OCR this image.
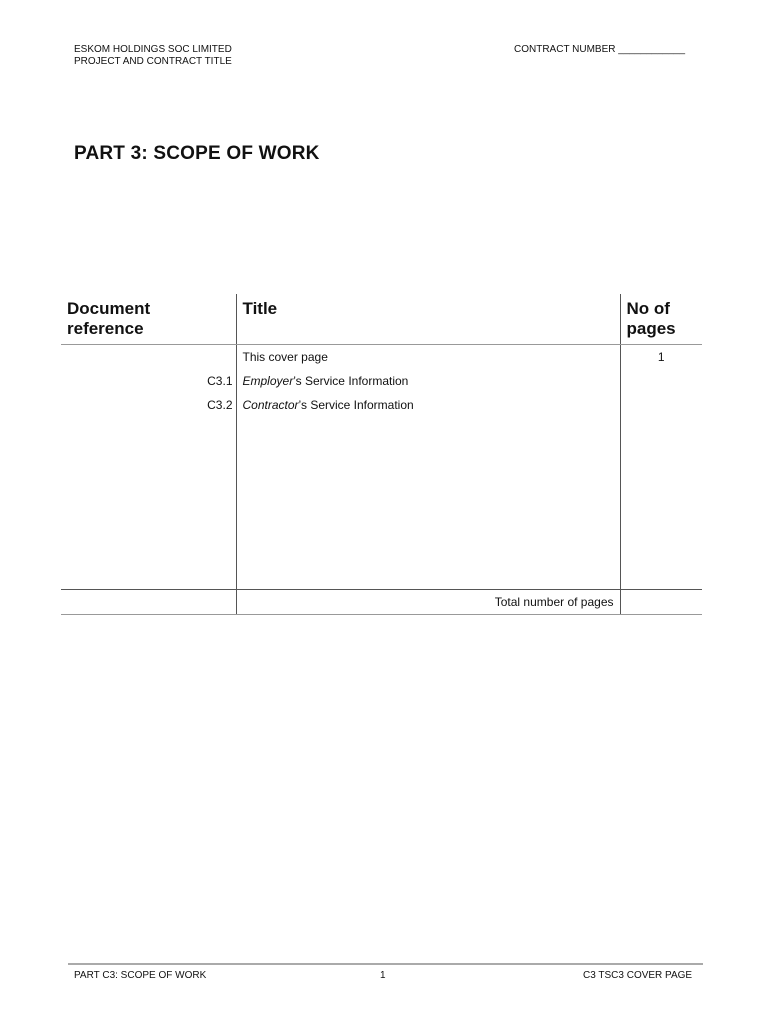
ESKOM HOLDINGS SOC LIMITED
PROJECT AND CONTRACT TITLE
CONTRACT NUMBER ____________
PART 3: SCOPE OF WORK
Document reference	Title	No of pages
	This cover page	1
C3.1	Employer’s Service Information	
C3.2	Contractor’s Service Information	

	Total number of pages	
PART C3: SCOPE OF WORK	1	C3 TSC3 COVER PAGE
